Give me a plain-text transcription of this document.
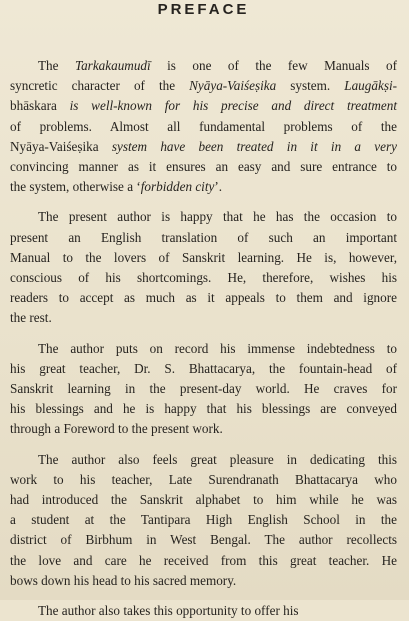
PREFACE

The Tarkakaumudī is one of the few Manuals of
syncretic character of the Nyāya-Vaiśeṣika system. Laugākṣi-
bhāskara is well-known for his precise and direct treatment
of problems. Almost all fundamental problems of the
Nyāya-Vaiśeṣika system have been treated in it in a very
convincing manner as it ensures an easy and sure entrance to
the system, otherwise a ‘forbidden city’.

The present author is happy that he has the occasion to
present an English translation of such an important
Manual to the lovers of Sanskrit learning. He is, however,
conscious of his shortcomings. He, therefore, wishes his
readers to accept as much as it appeals to them and ignore
the rest.

The author puts on record his immense indebtedness to
his great teacher, Dr. S. Bhattacarya, the fountain-head of
Sanskrit learning in the present-day world. He craves for
his blessings and he is happy that his blessings are conveyed
through a Foreword to the present work.

The author also feels great pleasure in dedicating this
work to his teacher, Late Surendranath Bhattacarya who
had introduced the Sanskrit alphabet to him while he was
a student at the Tantipara High English School in the
district of Birbhum in West Bengal. The author recollects
the love and care he received from this great teacher. He
bows down his head to his sacred memory.

The author also takes this opportunity to offer his
